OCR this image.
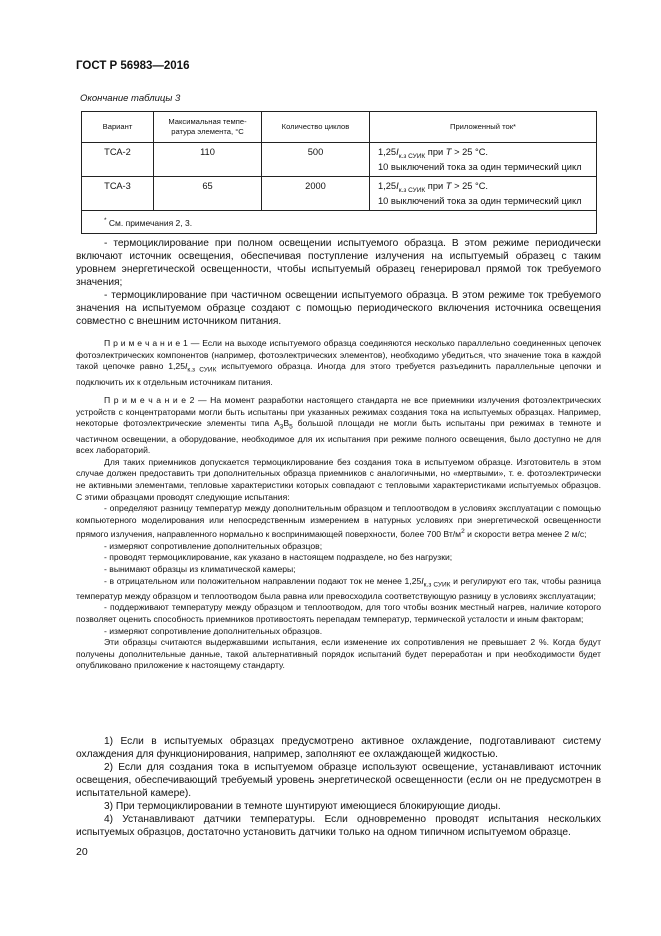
ГОСТ Р 56983—2016
Окончание таблицы 3
Вариант	Максимальная темпе-
ратура элемента, °C	Количество циклов	Приложенный ток*
ТСА-2	110	500	$1,25I_{к.з СУИК}$ при T > 25 °С.
10 выключений тока за один термический цикл
ТСА-3	65	2000	$1,25I_{к.з СУИК}$ при T > 25 °С.
10 выключений тока за один термический цикл
* См. примечания 2, 3.			

- термоциклирование при полном освещении испытуемого образца. В этом режиме периодически включают источник освещения, обеспечивая поступление излучения на испытуемый образец с таким уровнем энергетической освещенности, чтобы испытуемый образец генерировал прямой ток требуемого значения;

- термоциклирование при частичном освещении испытуемого образца. В этом режиме ток требуемого значения на испытуемом образце создают с помощью периодического включения источника освещения совместно с внешним источником питания.

П р и м е ч а н и е 1 — Если на выходе испытуемого образца соединяются несколько параллельно соединенных цепочек фотоэлектрических компонентов (например, фотоэлектрических элементов), необходимо убедиться, что значение тока в каждой такой цепочке равно $1,25I_{к.з СУИК}$ испытуемого образца. Иногда для этого требуется разъединить параллельные цепочки и подключить их к отдельным источникам питания.

П р и м е ч а н и е 2 — На момент разработки настоящего стандарта не все приемники излучения фотоэлектрических устройств с концентраторами могли быть испытаны при указанных режимах создания тока на испытуемых образцах. Например, некоторые фотоэлектрические элементы типа $A_3B_5$ большой площади не могли быть испытаны при режимах в темноте и частичном освещении, а оборудование, необходимое для их испытания при режиме полного освещения, было доступно не для всех лабораторий.

Для таких приемников допускается термоциклирование без создания тока в испытуемом образце. Изготовитель в этом случае должен предоставить три дополнительных образца приемников с аналогичными, но «мертвыми», т. е. фотоэлектрически не активными элементами, тепловые характеристики которых совпадают с тепловыми характеристиками испытуемых образцов. С этими образцами проводят следующие испытания:

- определяют разницу температур между дополнительным образцом и теплоотводом в условиях эксплуатации с помощью компьютерного моделирования или непосредственным измерением в натурных условиях при энергетической освещенности прямого излучения, направленного нормально к воспринимающей поверхности, более 700 $Вт/м^2$ и скорости ветра менее 2 м/с;

- измеряют сопротивление дополнительных образцов;

- проводят термоциклирование, как указано в настоящем подразделе, но без нагрузки;

- вынимают образцы из климатической камеры;

- в отрицательном или положительном направлении подают ток не менее $1,25I_{к.з СУИК}$ и регулируют его так, чтобы разница температур между образцом и теплоотводом была равна или превосходила соответствующую разницу в условиях эксплуатации;

- поддерживают температуру между образцом и теплоотводом, для того чтобы возник местный нагрев, наличие которого позволяет оценить способность приемников противостоять перепадам температур, термической усталости и иным факторам;

- измеряют сопротивление дополнительных образцов.

Эти образцы считаются выдержавшими испытания, если изменение их сопротивления не превышает 2 %. Когда будут получены дополнительные данные, такой альтернативный порядок испытаний будет переработан и при необходимости будет опубликовано приложение к настоящему стандарту.

1) Если в испытуемых образцах предусмотрено активное охлаждение, подготавливают систему охлаждения для функционирования, например, заполняют ее охлаждающей жидкостью.

2) Если для создания тока в испытуемом образце используют освещение, устанавливают источник освещения, обеспечивающий требуемый уровень энергетической освещенности (если он не предусмотрен в испытательной камере).

3) При термоциклировании в темноте шунтируют имеющиеся блокирующие диоды.

4) Устанавливают датчики температуры. Если одновременно проводят испытания нескольких испытуемых образцов, достаточно установить датчики только на одном типичном испытуемом образце.

20
